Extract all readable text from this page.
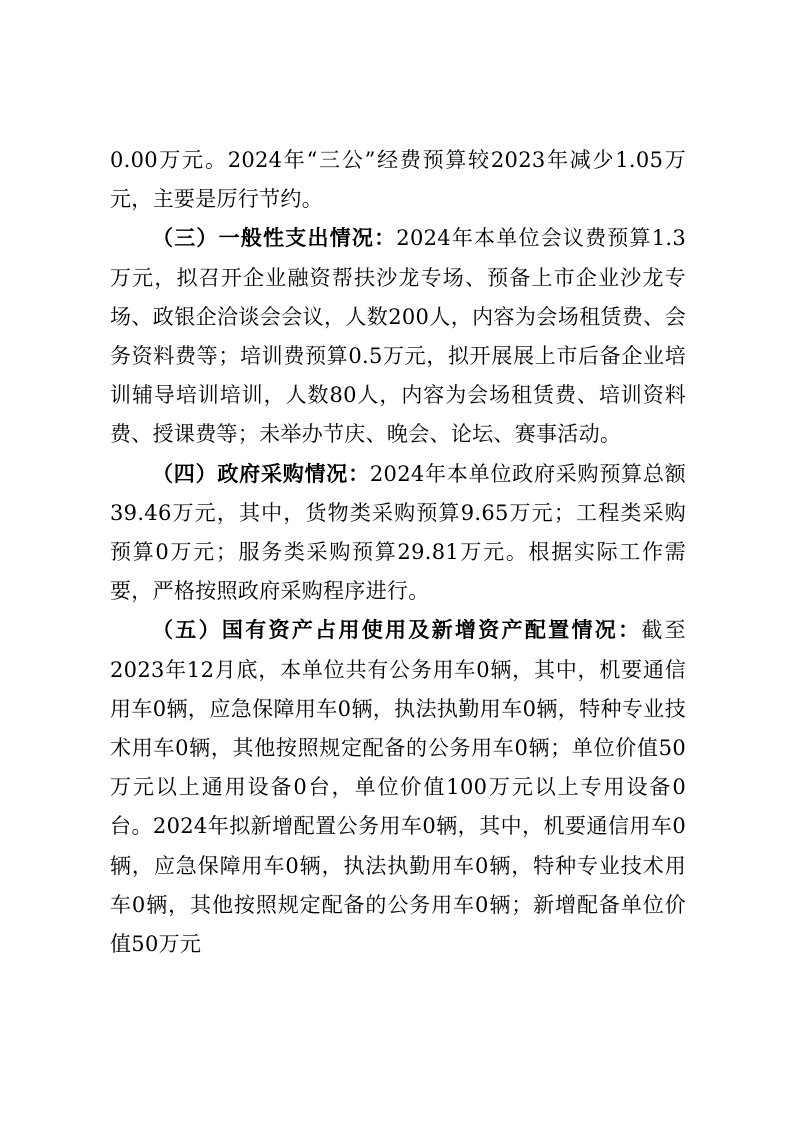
0.00万元。2024年“三公”经费预算较2023年减少1.05万元，主要是厉行节约。

（三）一般性支出情况：2024年本单位会议费预算1.3万元，拟召开企业融资帮扶沙龙专场、预备上市企业沙龙专场、政银企洽谈会会议，人数200人，内容为会场租赁费、会务资料费等；培训费预算0.5万元，拟开展展上市后备企业培训辅导培训培训，人数80人，内容为会场租赁费、培训资料费、授课费等；未举办节庆、晚会、论坛、赛事活动。

（四）政府采购情况：2024年本单位政府采购预算总额39.46万元，其中，货物类采购预算9.65万元；工程类采购预算0万元；服务类采购预算29.81万元。根据实际工作需要，严格按照政府采购程序进行。

（五）国有资产占用使用及新增资产配置情况：截至2023年12月底，本单位共有公务用车0辆，其中，机要通信用车0辆，应急保障用车0辆，执法执勤用车0辆，特种专业技术用车0辆，其他按照规定配备的公务用车0辆；单位价值50万元以上通用设备0台，单位价值100万元以上专用设备0台。2024年拟新增配置公务用车0辆，其中，机要通信用车0辆，应急保障用车0辆，执法执勤用车0辆，特种专业技术用车0辆，其他按照规定配备的公务用车0辆；新增配备单位价值50万元
